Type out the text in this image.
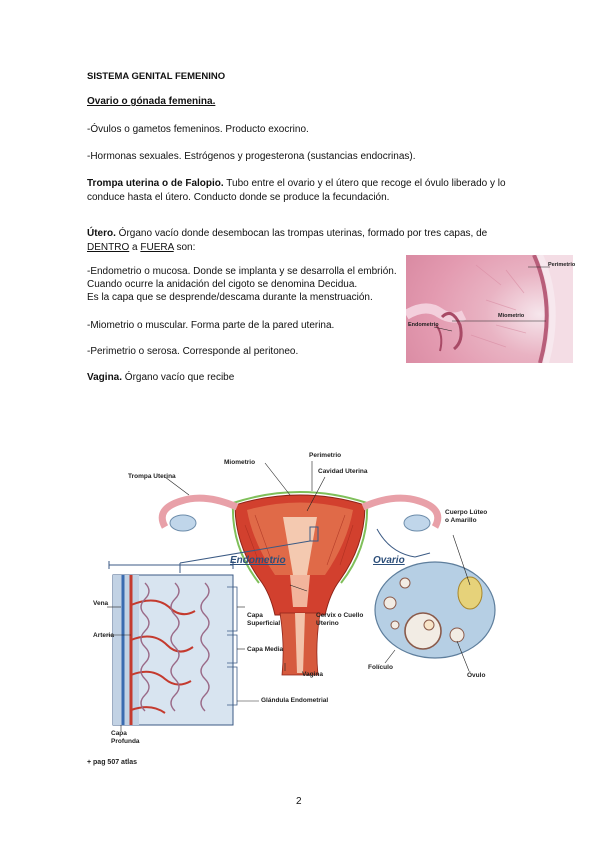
SISTEMA GENITAL FEMENINO
Ovario o gónada femenina.
-Óvulos o gametos femeninos. Producto exocrino.
-Hormonas sexuales. Estrógenos y progesterona (sustancias endocrinas).
Trompa uterina o de Falopio. Tubo entre el ovario y el útero que recoge el óvulo liberado y lo
conduce hasta el útero. Conducto donde se produce la fecundación.
Útero. Órgano vacío donde desembocan las trompas uterinas, formado por tres capas, de
DENTRO a FUERA son:
-Endometrio o mucosa. Donde se implanta y se desarrolla el embrión.
Cuando ocurre la anidación del cigoto se denomina Decidua.
Es la capa que se desprende/descama durante la menstruación.
-Miometrio o muscular. Forma parte de la pared uterina.
-Perimetrio o serosa. Corresponde al peritoneo.
Vagina. Órgano vacío que recibe
Perimetrio
Miometrio
Endometrio
Miometrio
Perimetrio
Cavidad Uterina
Trompa Uterina
Cuerpo Lúteo
o Amarillo
Endometrio	Ovario
Vena
Arteria
Capa
Superficial
Capa Media
Cervix o Cuello
Uterino
Vagina
Folículo
Óvulo
Glándula Endometrial
Capa
Profunda
+ pag 507 atlas
2
